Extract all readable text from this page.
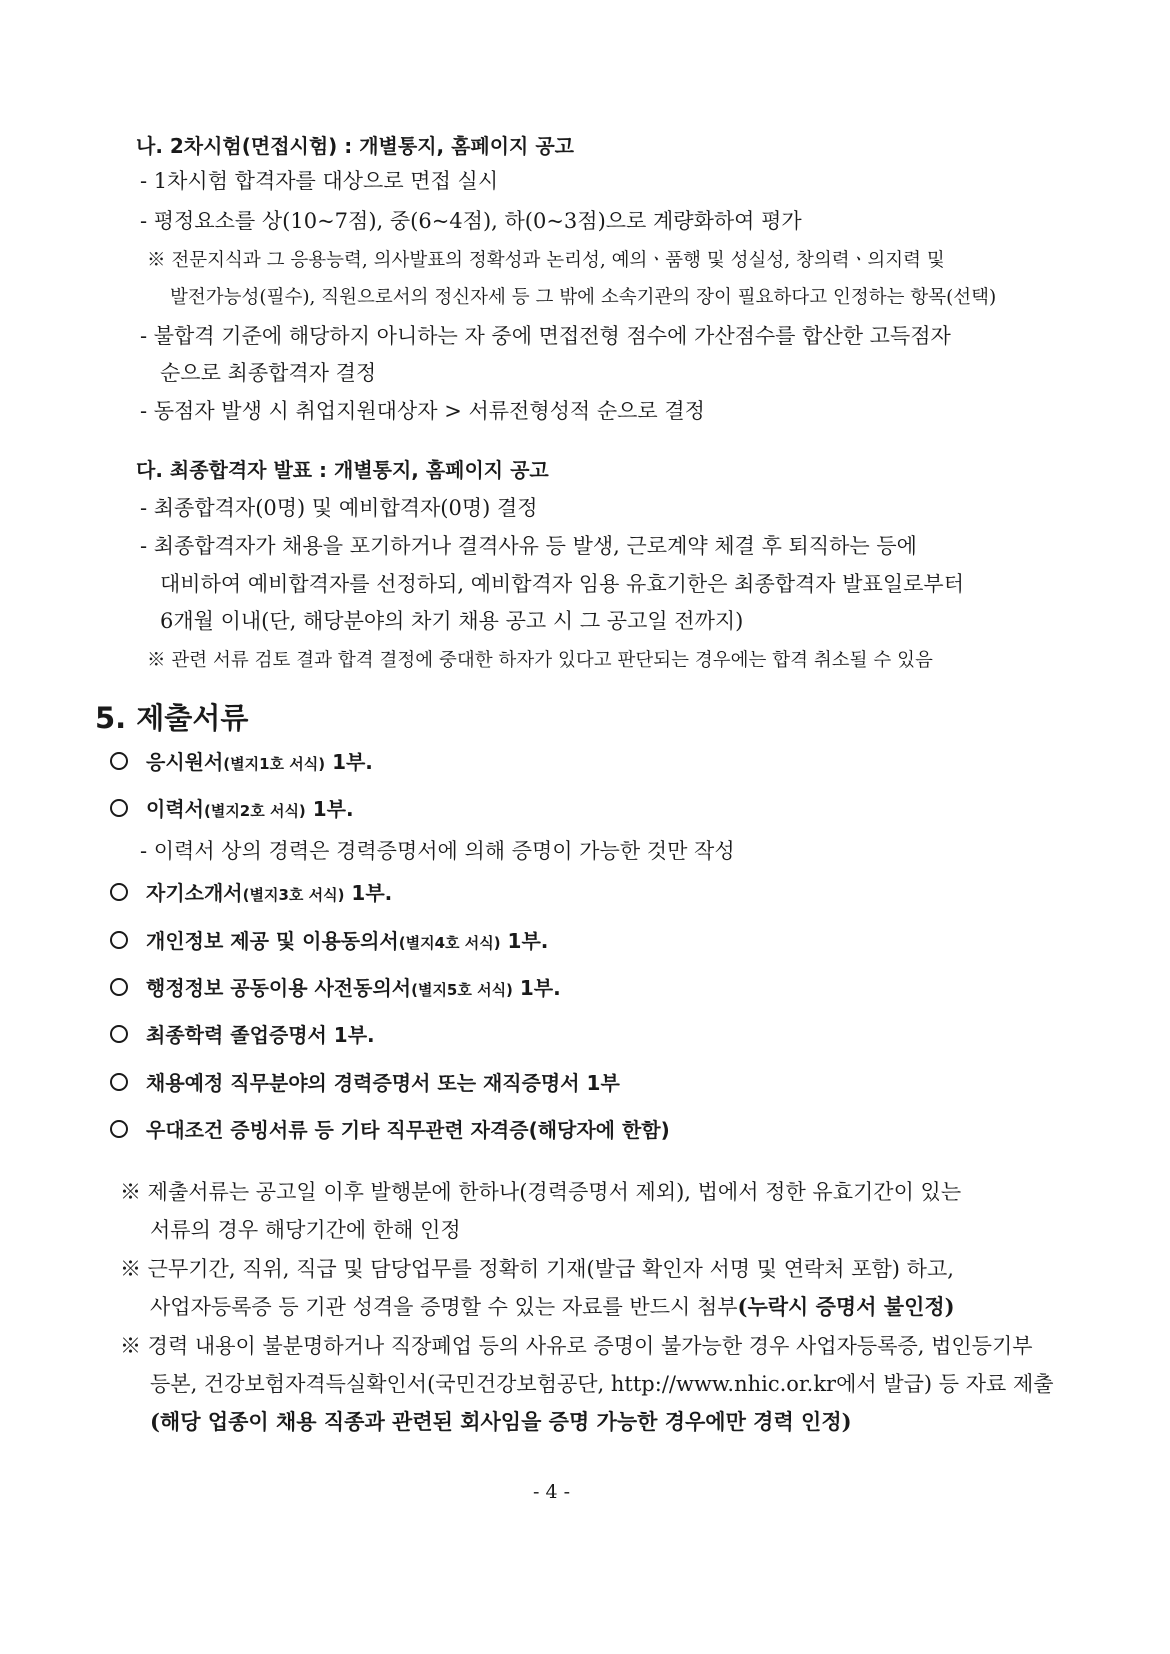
나. 2차시험(면접시험) : 개별통지, 홈페이지 공고
- 1차시험 합격자를 대상으로 면접 실시
- 평정요소를 상(10~7점), 중(6~4점), 하(0~3점)으로 계량화하여 평가
※ 전문지식과 그 응용능력, 의사발표의 정확성과 논리성, 예의ㆍ품행 및 성실성, 창의력ㆍ의지력 및
발전가능성(필수), 직원으로서의 정신자세 등 그 밖에 소속기관의 장이 필요하다고 인정하는 항목(선택)
- 불합격 기준에 해당하지 아니하는 자 중에 면접전형 점수에 가산점수를 합산한 고득점자
순으로 최종합격자 결정
- 동점자 발생 시 취업지원대상자 > 서류전형성적 순으로 결정
다. 최종합격자 발표 : 개별통지, 홈페이지 공고
- 최종합격자(0명) 및 예비합격자(0명) 결정
- 최종합격자가 채용을 포기하거나 결격사유 등 발생, 근로계약 체결 후 퇴직하는 등에
대비하여 예비합격자를 선정하되, 예비합격자 임용 유효기한은 최종합격자 발표일로부터
6개월 이내(단, 해당분야의 차기 채용 공고 시 그 공고일 전까지)
※ 관련 서류 검토 결과 합격 결정에 중대한 하자가 있다고 판단되는 경우에는 합격 취소될 수 있음
5. 제출서류
응시원서(별지1호 서식) 1부.
이력서(별지2호 서식) 1부.
- 이력서 상의 경력은 경력증명서에 의해 증명이 가능한 것만 작성
자기소개서(별지3호 서식) 1부.
개인정보 제공 및 이용동의서(별지4호 서식) 1부.
행정정보 공동이용 사전동의서(별지5호 서식) 1부.
최종학력 졸업증명서 1부.
채용예정 직무분야의 경력증명서 또는 재직증명서 1부
우대조건 증빙서류 등 기타 직무관련 자격증(해당자에 한함)
※ 제출서류는 공고일 이후 발행분에 한하나(경력증명서 제외), 법에서 정한 유효기간이 있는
서류의 경우 해당기간에 한해 인정
※ 근무기간, 직위, 직급 및 담당업무를 정확히 기재(발급 확인자 서명 및 연락처 포함) 하고,
사업자등록증 등 기관 성격을 증명할 수 있는 자료를 반드시 첨부(누락시 증명서 불인정)
※ 경력 내용이 불분명하거나 직장폐업 등의 사유로 증명이 불가능한 경우 사업자등록증, 법인등기부
등본, 건강보험자격득실확인서(국민건강보험공단, http://www.nhic.or.kr에서 발급) 등 자료 제출
(해당 업종이 채용 직종과 관련된 회사임을 증명 가능한 경우에만 경력 인정)
- 4 -
